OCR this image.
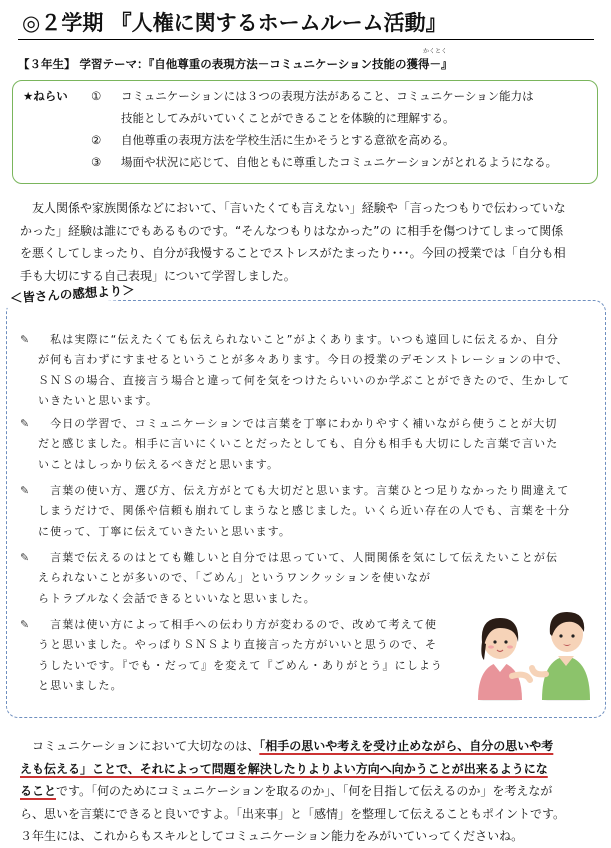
◎２学期 『人権に関するホームルーム活動』
かくとく
【３年生】 学習テーマ：『自他尊重の表現方法－コミュニケーション技能の獲得－』
★ねらい ① コミュニケーションには３つの表現方法があること、コミュニケーション能力は
技能としてみがいていくことができることを体験的に理解する。
② 自他尊重の表現方法を学校生活に生かそうとする意欲を高める。
③ 場面や状況に応じて、自他ともに尊重したコミュニケーションがとれるようになる。
友人関係や家族関係などにおいて、「言いたくても言えない」経験や「言ったつもりで伝わっていな
かった」経験は誰にでもあるものです。“そんなつもりはなかった”の に相手を傷つけてしまって関係
を悪くしてしまったり、自分が我慢することでストレスがたまったり･･･。今回の授業では「自分も相
手も大切にする自己表現」について学習しました。
＜皆さんの感想より＞
✎　 私は実際に“伝えたくても伝えられないこと”がよくあります。いつも遠回しに伝えるか、自分
が何も言わずにすませるということが多々あります。今日の授業のデモンストレーションの中で、
ＳＮＳの場合、直接言う場合と違って何を気をつけたらいいのか学ぶことができたので、生かして
いきたいと思います。
✎　 今日の学習で、コミュニケーションでは言葉を丁寧にわかりやすく補いながら使うことが大切
だと感じました。相手に言いにくいことだったとしても、自分も相手も大切にした言葉で言いた
いことはしっかり伝えるべきだと思います。
✎　 言葉の使い方、選び方、伝え方がとても大切だと思います。言葉ひとつ足りなかったり間違えて
しまうだけで、関係や信頼も崩れてしまうなと感じました。いくら近い存在の人でも、言葉を十分
に使って、丁寧に伝えていきたいと思います。
✎　 言葉で伝えるのはとても難しいと自分では思っていて、人間関係を気にして伝えたいことが伝
えられないことが多いので、「ごめん」というワンクッションを使いなが
らトラブルなく会話できるといいなと思いました。
✎　 言葉は使い方によって相手への伝わり方が変わるので、改めて考えて使
うと思いました。やっぱりＳＮＳより直接言った方がいいと思うので、そ
うしたいです。『でも・だって』を変えて『ごめん・ありがとう』にしよう
と思いました。
コミュニケーションにおいて大切なのは、「相手の思いや考えを受け止めながら、自分の思いや考
えも伝える」ことで、それによって問題を解決したりよりよい方向へ向かうことが出来るようにな
ることです。「何のためにコミュニケーションを取るのか」、「何を目指して伝えるのか」を考えなが
ら、思いを言葉にできると良いですよ。「出来事」と「感情」を整理して伝えることもポイントです。
３年生には、これからもスキルとしてコミュニケーション能力をみがいていってくださいね。
